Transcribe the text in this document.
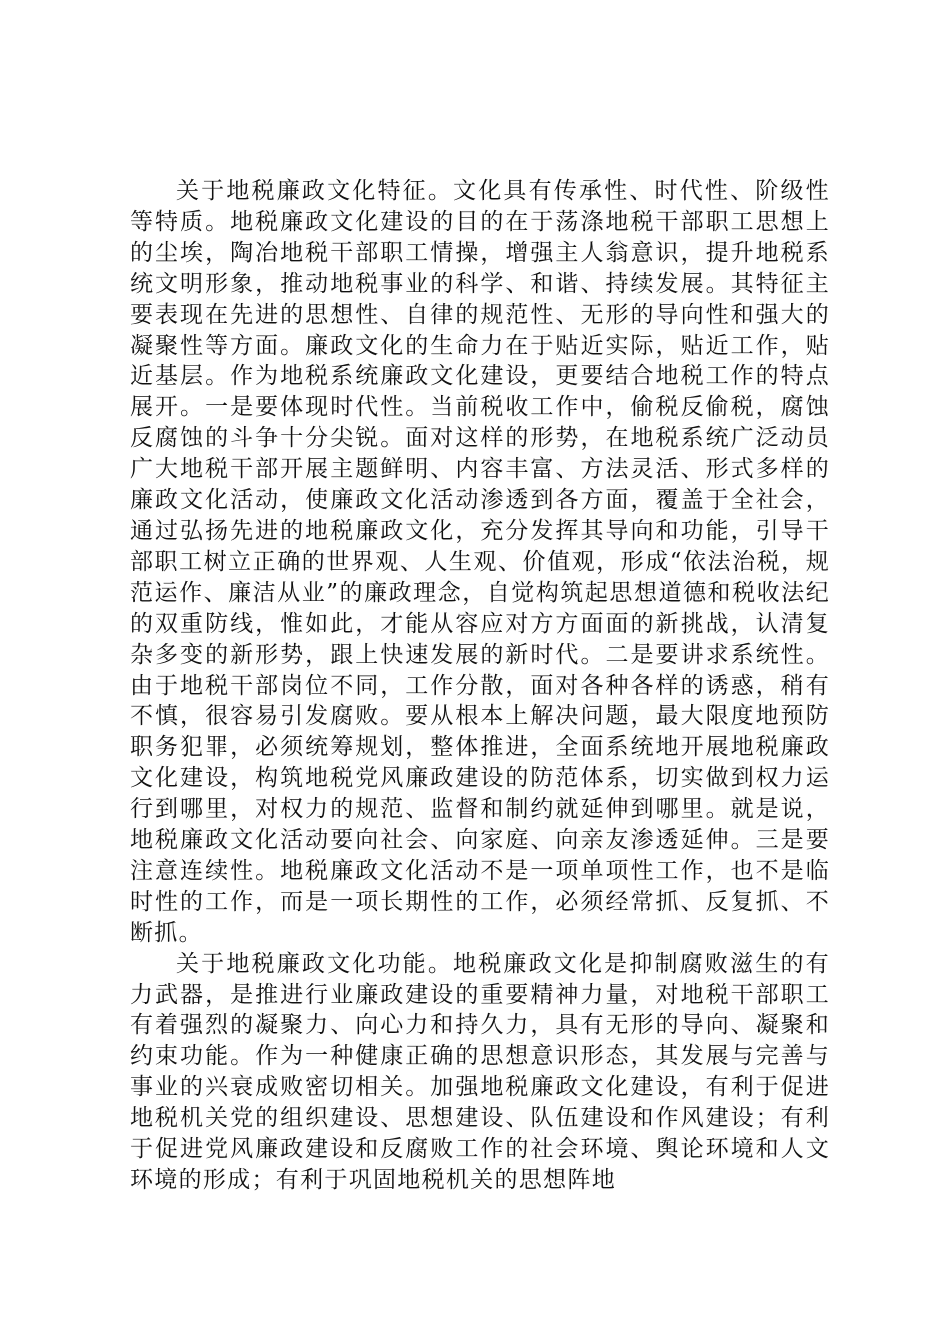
关于地税廉政文化特征。文化具有传承性、时代性、阶级性等特质。地税廉政文化建设的目的在于荡涤地税干部职工思想上的尘埃，陶冶地税干部职工情操，增强主人翁意识，提升地税系统文明形象，推动地税事业的科学、和谐、持续发展。其特征主要表现在先进的思想性、自律的规范性、无形的导向性和强大的凝聚性等方面。廉政文化的生命力在于贴近实际，贴近工作，贴近基层。作为地税系统廉政文化建设，更要结合地税工作的特点展开。一是要体现时代性。当前税收工作中，偷税反偷税，腐蚀反腐蚀的斗争十分尖锐。面对这样的形势，在地税系统广泛动员广大地税干部开展主题鲜明、内容丰富、方法灵活、形式多样的廉政文化活动，使廉政文化活动渗透到各方面，覆盖于全社会，通过弘扬先进的地税廉政文化，充分发挥其导向和功能，引导干部职工树立正确的世界观、人生观、价值观，形成“依法治税，规范运作、廉洁从业”的廉政理念，自觉构筑起思想道德和税收法纪的双重防线，惟如此，才能从容应对方方面面的新挑战，认清复杂多变的新形势，跟上快速发展的新时代。二是要讲求系统性。由于地税干部岗位不同，工作分散，面对各种各样的诱惑，稍有不慎，很容易引发腐败。要从根本上解决问题，最大限度地预防职务犯罪，必须统筹规划，整体推进，全面系统地开展地税廉政文化建设，构筑地税党风廉政建设的防范体系，切实做到权力运行到哪里，对权力的规范、监督和制约就延伸到哪里。就是说，地税廉政文化活动要向社会、向家庭、向亲友渗透延伸。三是要注意连续性。地税廉政文化活动不是一项单项性工作，也不是临时性的工作，而是一项长期性的工作，必须经常抓、反复抓、不断抓。

关于地税廉政文化功能。地税廉政文化是抑制腐败滋生的有力武器，是推进行业廉政建设的重要精神力量，对地税干部职工有着强烈的凝聚力、向心力和持久力，具有无形的导向、凝聚和约束功能。作为一种健康正确的思想意识形态，其发展与完善与事业的兴衰成败密切相关。加强地税廉政文化建设，有利于促进地税机关党的组织建设、思想建设、队伍建设和作风建设；有利于促进党风廉政建设和反腐败工作的社会环境、舆论环境和人文环境的形成；有利于巩固地税机关的思想阵地
